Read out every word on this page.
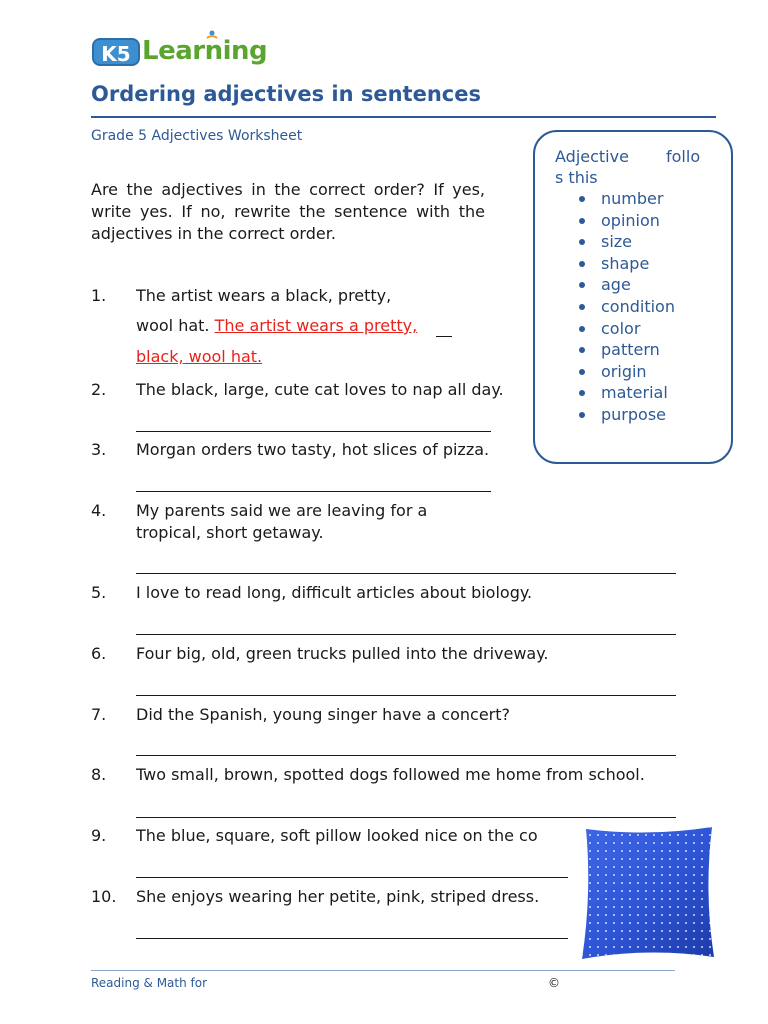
K5 Learning
Ordering adjectives in sentences
Grade 5 Adjectives Worksheet
Are the adjectives in the correct order? If yes, write yes. If no, rewrite the sentence with the adjectives in the correct order.
Adjective follo

s this
number
opinion
size
shape
age
condition
color
pattern
origin
material
purpose
1. The artist wears a black, pretty,
wool hat. The artist wears a pretty,
black, wool hat.
2. The black, large, cute cat loves to nap all day.
3. Morgan orders two tasty, hot slices of pizza.
4. My parents said we are leaving for a
tropical, short getaway.
5. I love to read long, difficult articles about biology.
6. Four big, old, green trucks pulled into the driveway.
7. Did the Spanish, young singer have a concert?
8. Two small, brown, spotted dogs followed me home from school.
9. The blue, square, soft pillow looked nice on the co
10. She enjoys wearing her petite, pink, striped dress.
Reading & Math for	©
